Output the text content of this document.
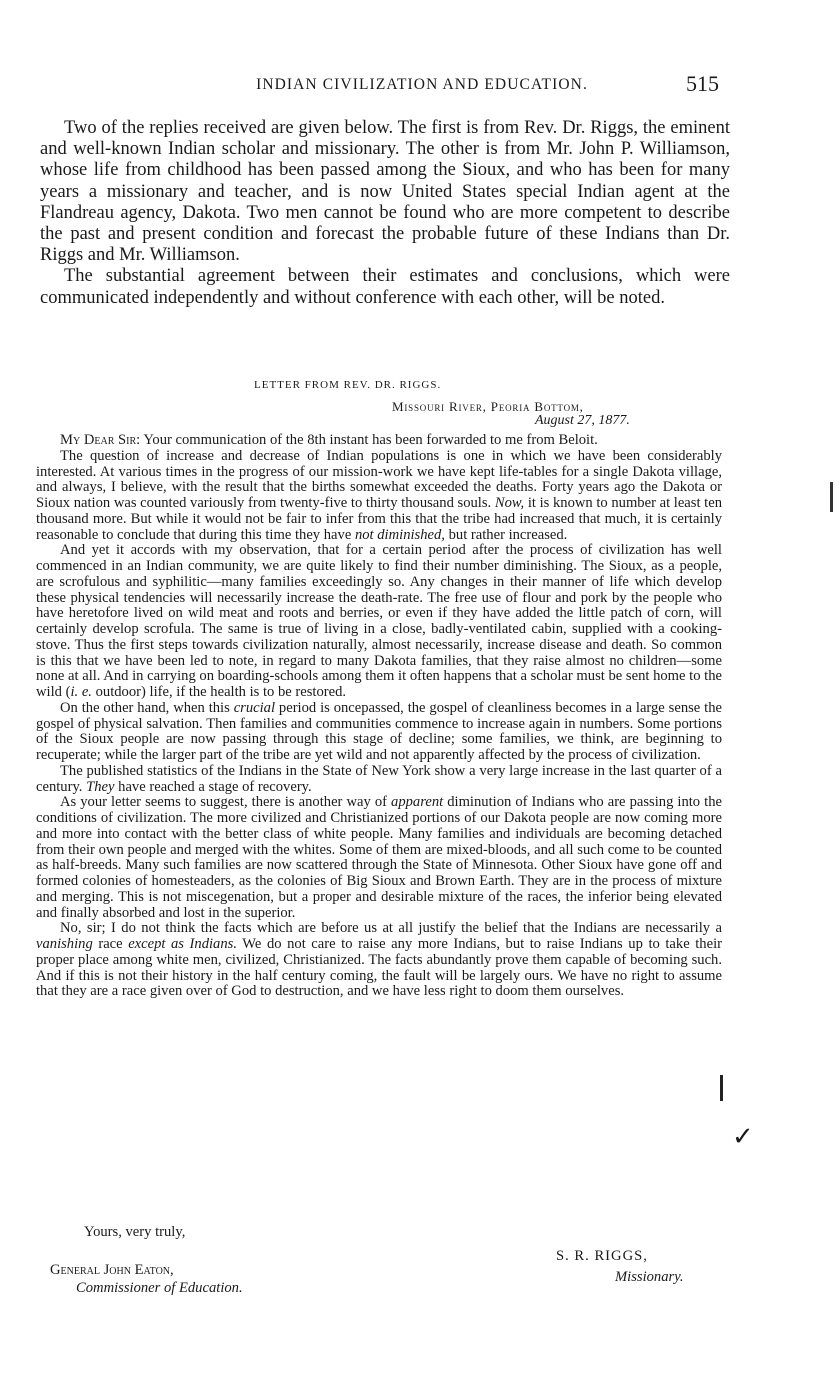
INDIAN CIVILIZATION AND EDUCATION.	515

Two of the replies received are given below. The first is from Rev. Dr. Riggs, the eminent and well-known Indian scholar and missionary. The other is from Mr. John P. Williamson, whose life from childhood has been passed among the Sioux, and who has been for many years a missionary and teacher, and is now United States special Indian agent at the Flandreau agency, Dakota. Two men cannot be found who are more competent to describe the past and present condition and forecast the probable future of these Indians than Dr. Riggs and Mr. Williamson.

The substantial agreement between their estimates and conclusions, which were communicated independently and without conference with each other, will be noted.

LETTER FROM REV. DR. RIGGS.
Missouri River, Peoria Bottom,
August 27, 1877.

My Dear Sir: Your communication of the 8th instant has been forwarded to me from Beloit.

The question of increase and decrease of Indian populations is one in which we have been considerably interested. At various times in the progress of our mission-work we have kept life-tables for a single Dakota village, and always, I believe, with the result that the births somewhat exceeded the deaths. Forty years ago the Dakota or Sioux nation was counted variously from twenty-five to thirty thousand souls. Now, it is known to number at least ten thousand more. But while it would not be fair to infer from this that the tribe had increased that much, it is certainly reasonable to conclude that during this time they have not diminished, but rather increased.

And yet it accords with my observation, that for a certain period after the process of civilization has well commenced in an Indian community, we are quite likely to find their number diminishing. The Sioux, as a people, are scrofulous and syphilitic—many families exceedingly so. Any changes in their manner of life which develop these physical tendencies will necessarily increase the death-rate. The free use of flour and pork by the people who have heretofore lived on wild meat and roots and berries, or even if they have added the little patch of corn, will certainly develop scrofula. The same is true of living in a close, badly-ventilated cabin, supplied with a cooking-stove. Thus the first steps towards civilization naturally, almost necessarily, increase disease and death. So common is this that we have been led to note, in regard to many Dakota families, that they raise almost no children—some none at all. And in carrying on boarding-schools among them it often happens that a scholar must be sent home to the wild (i. e. outdoor) life, if the health is to be restored.

On the other hand, when this crucial period is oncepassed, the gospel of cleanliness becomes in a large sense the gospel of physical salvation. Then families and communities commence to increase again in numbers. Some portions of the Sioux people are now passing through this stage of decline; some families, we think, are beginning to recuperate; while the larger part of the tribe are yet wild and not apparently affected by the process of civilization.

The published statistics of the Indians in the State of New York show a very large increase in the last quarter of a century. They have reached a stage of recovery.

As your letter seems to suggest, there is another way of apparent diminution of Indians who are passing into the conditions of civilization. The more civilized and Christianized portions of our Dakota people are now coming more and more into contact with the better class of white people. Many families and individuals are becoming detached from their own people and merged with the whites. Some of them are mixed-bloods, and all such come to be counted as half-breeds. Many such families are now scattered through the State of Minnesota. Other Sioux have gone off and formed colonies of homesteaders, as the colonies of Big Sioux and Brown Earth. They are in the process of mixture and merging. This is not miscegenation, but a proper and desirable mixture of the races, the inferior being elevated and finally absorbed and lost in the superior.

No, sir; I do not think the facts which are before us at all justify the belief that the Indians are necessarily a vanishing race except as Indians. We do not care to raise any more Indians, but to raise Indians up to take their proper place among white men, civilized, Christianized. The facts abundantly prove them capable of becoming such. And if this is not their history in the half century coming, the fault will be largely ours. We have no right to assume that they are a race given over of God to destruction, and we have less right to doom them ourselves.

Yours, very truly,
General John Eaton,
Commissioner of Education.
S. R. RIGGS,
Missionary.
✓
